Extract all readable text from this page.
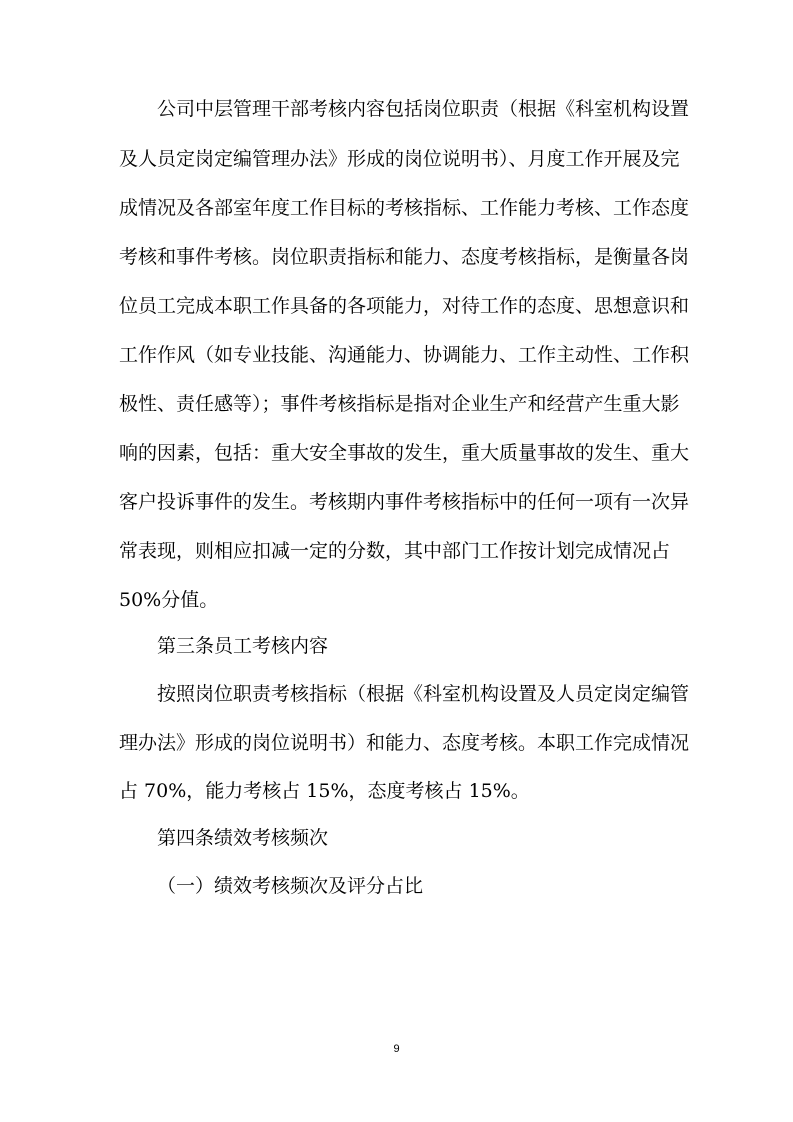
公司中层管理干部考核内容包括岗位职责（根据《科室机构设置
及人员定岗定编管理办法》形成的岗位说明书）、月度工作开展及完
成情况及各部室年度工作目标的考核指标、工作能力考核、工作态度
考核和事件考核。岗位职责指标和能力、态度考核指标，是衡量各岗
位员工完成本职工作具备的各项能力，对待工作的态度、思想意识和
工作作风（如专业技能、沟通能力、协调能力、工作主动性、工作积
极性、责任感等）；事件考核指标是指对企业生产和经营产生重大影
响的因素，包括：重大安全事故的发生，重大质量事故的发生、重大
客户投诉事件的发生。考核期内事件考核指标中的任何一项有一次异
常表现，则相应扣减一定的分数，其中部门工作按计划完成情况占
50%分值。
第三条员工考核内容
按照岗位职责考核指标（根据《科室机构设置及人员定岗定编管
理办法》形成的岗位说明书）和能力、态度考核。本职工作完成情况
占 70%，能力考核占 15%，态度考核占 15%。
第四条绩效考核频次
（一）绩效考核频次及评分占比
9
